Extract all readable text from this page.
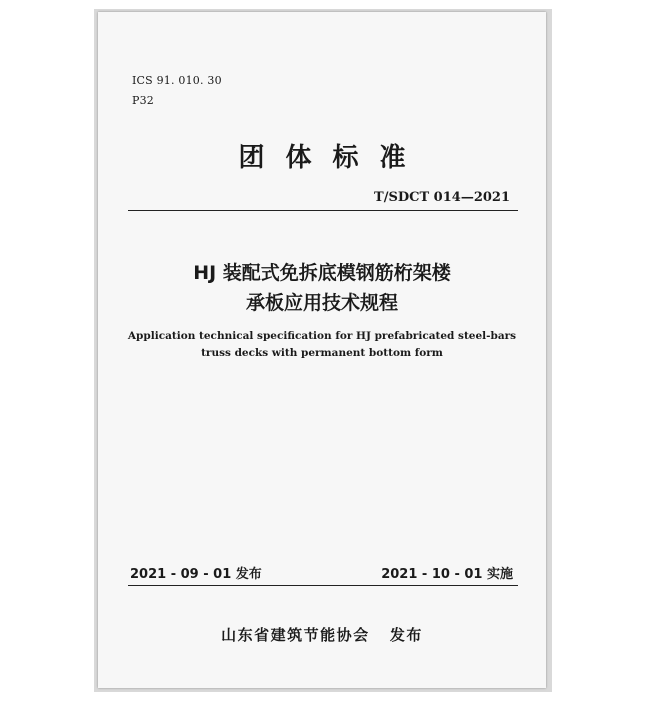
ICS 91. 010. 30
P32
团体标准
T/SDCT 014—2021
HJ 装配式免拆底模钢筋桁架楼
承板应用技术规程
Application technical specification for HJ prefabricated steel-bars
truss decks with permanent bottom form
2021 - 09 - 01 发布	2021 - 10 - 01 实施
山东省建筑节能协会   发布
